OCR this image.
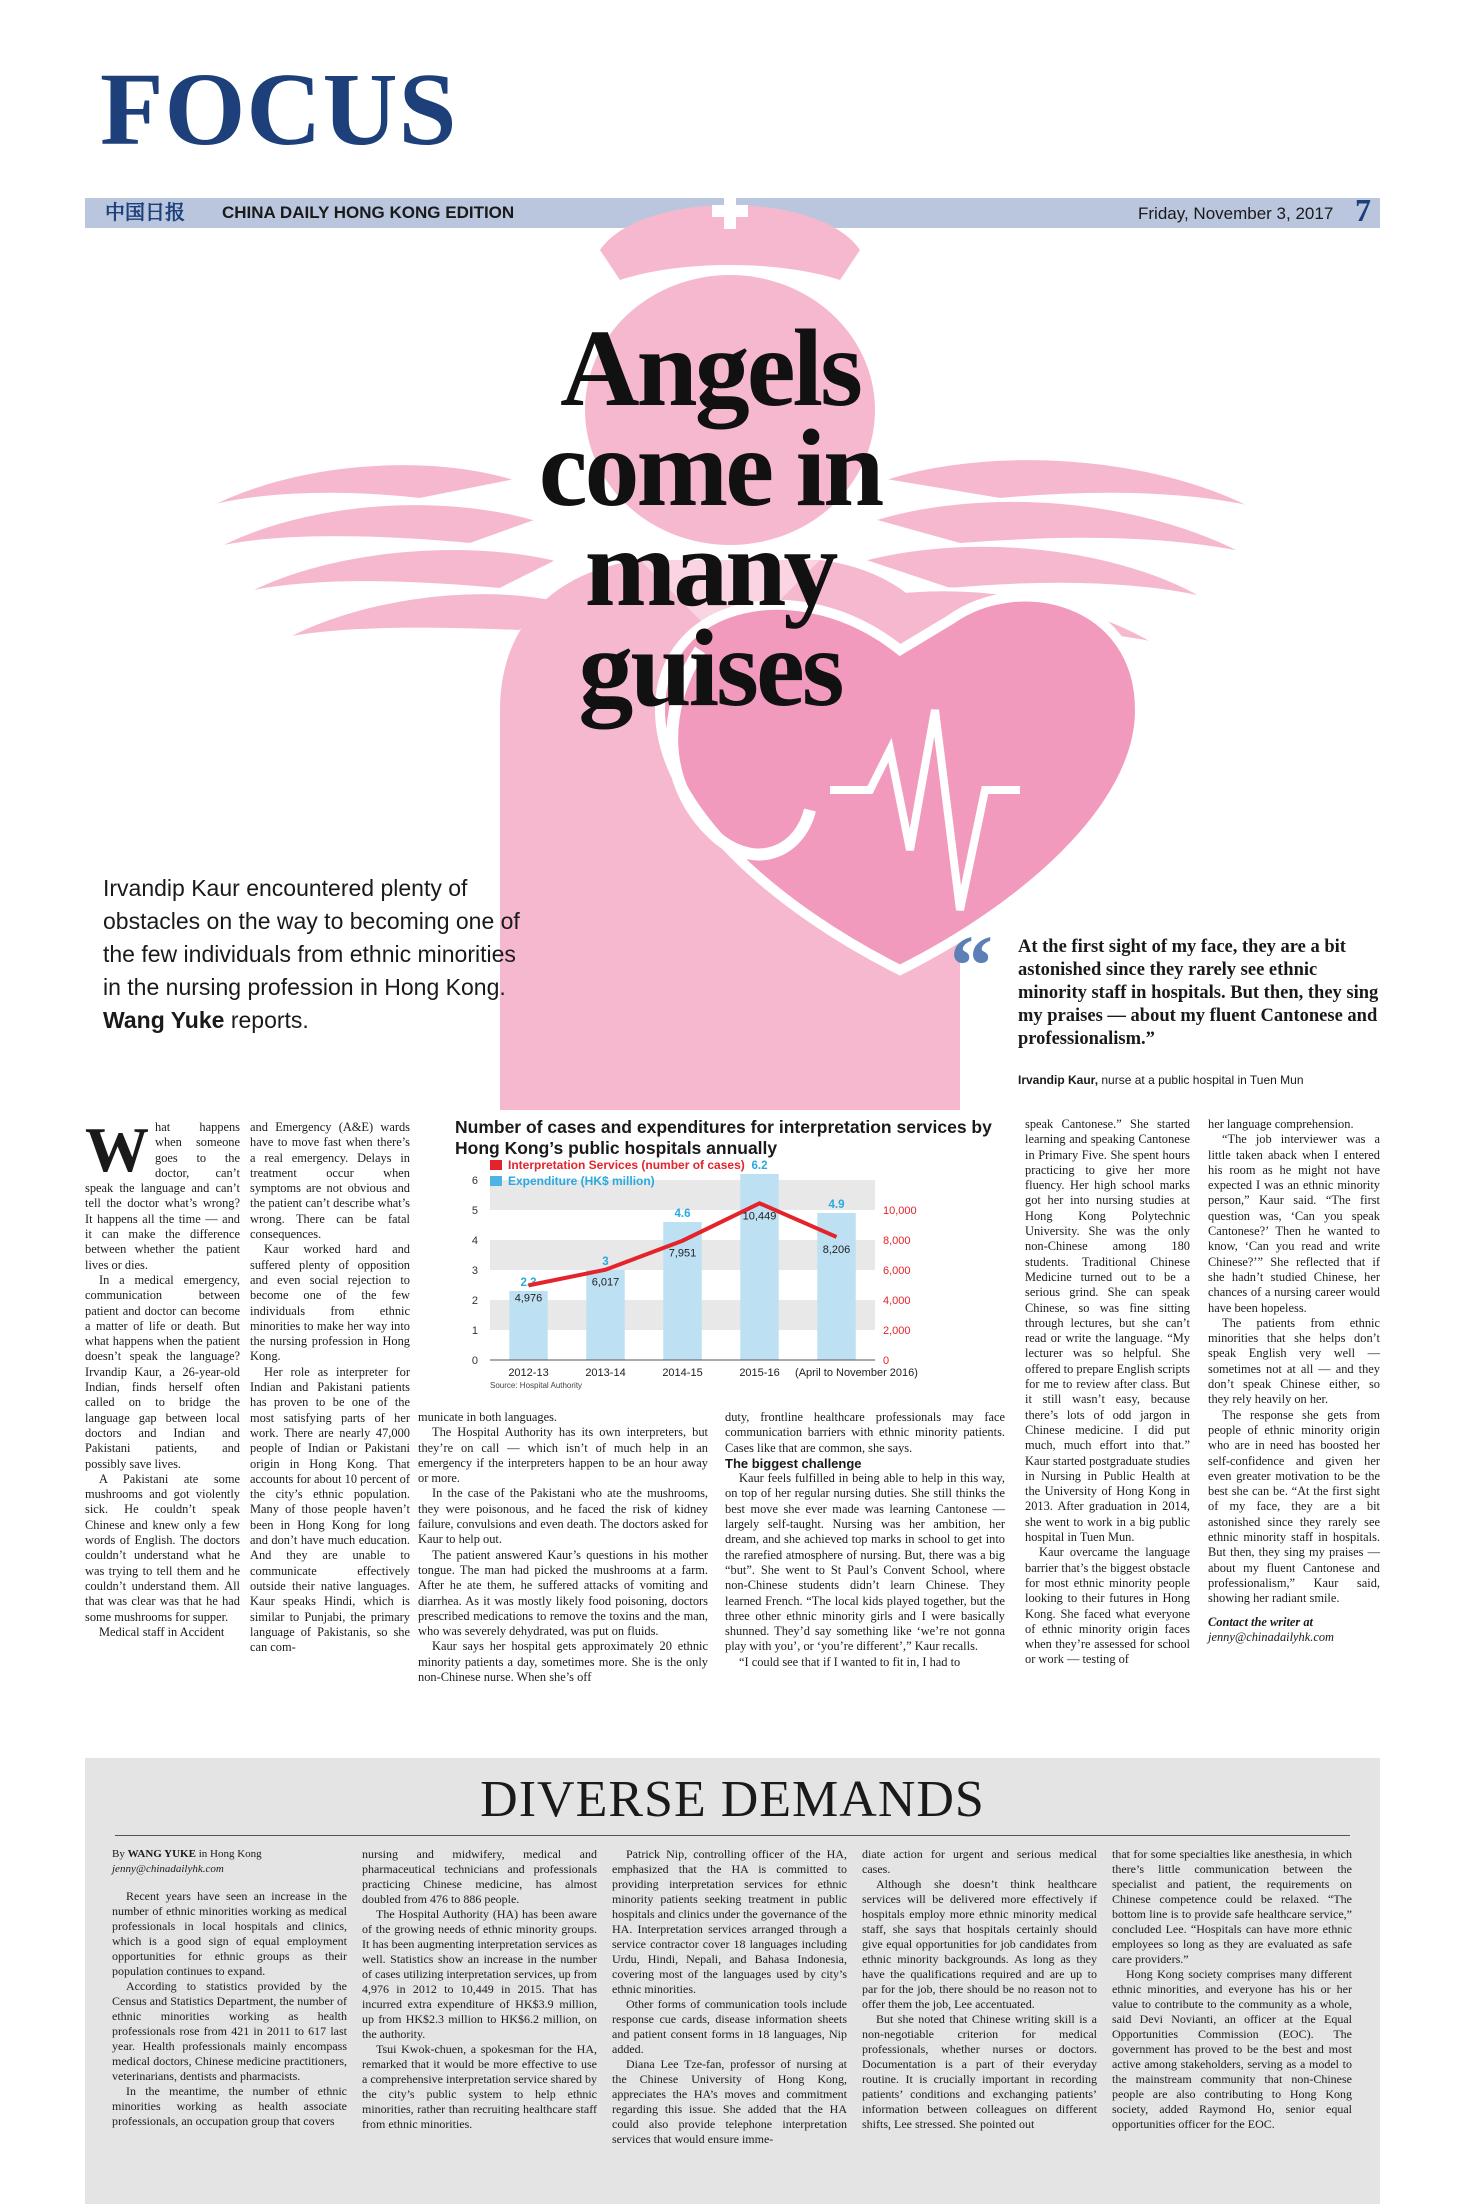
FOCUS
中国日报 CHINA DAILY HONG KONG EDITION	Friday, November 3, 2017 7
Angels
come in
many
guises
Irvandip Kaur encountered plenty of obstacles on the way to becoming one of the few individuals from ethnic minorities in the nursing profession in Hong Kong. Wang Yuke reports.
“ At the first sight of my face, they are a bit astonished since they rarely see ethnic minority staff in hospitals. But then, they sing my praises — about my fluent Cantonese and professionalism.”
Irvandip Kaur, nurse at a public hospital in Tuen Mun

What happens when someone goes to the doctor, can’t speak the language and can’t tell the doctor what’s wrong? It happens all the time — and it can make the difference between whether the patient lives or dies.

In a medical emergency, communication between patient and doctor can become a matter of life or death. But what happens when the patient doesn’t speak the language? Irvandip Kaur, a 26-year-old Indian, finds herself often called on to bridge the language gap between local doctors and Indian and Pakistani patients, and possibly save lives.

A Pakistani ate some mushrooms and got violently sick. He couldn’t speak Chinese and knew only a few words of English. The doctors couldn’t understand what he was trying to tell them and he couldn’t understand them. All that was clear was that he had some mushrooms for supper.

Medical staff in Accident

and Emergency (A&E) wards have to move fast when there’s a real emergency. Delays in treatment occur when symptoms are not obvious and the patient can’t describe what’s wrong. There can be fatal consequences.

Kaur worked hard and suffered plenty of opposition and even social rejection to become one of the few individuals from ethnic minorities to make her way into the nursing profession in Hong Kong.

Her role as interpreter for Indian and Pakistani patients has proven to be one of the most satisfying parts of her work. There are nearly 47,000 people of Indian or Pakistani origin in Hong Kong. That accounts for about 10 percent of the city’s ethnic population. Many of those people haven’t been in Hong Kong for long and don’t have much education. And they are unable to communicate effectively outside their native languages. Kaur speaks Hindi, which is similar to Punjabi, the primary language of Pakistanis, so she can com-

Number of cases and expenditures for interpretation services by Hong Kong’s public hospitals annually
0
1
2
3
4
5
6
0
2,000
4,000
6,000
8,000
10,000
2.3
2012-13
3
2013-14
4.6
2014-15
6.2
2015-16
4.9
(April to November 2016)
4,976
6,017
7,951
10,449
8,206
Interpretation Services (number of cases)
Expenditure (HK$ million)
Source: Hospital Authority

municate in both languages.

The Hospital Authority has its own interpreters, but they’re on call — which isn’t of much help in an emergency if the interpreters happen to be an hour away or more.

In the case of the Pakistani who ate the mushrooms, they were poisonous, and he faced the risk of kidney failure, convulsions and even death. The doctors asked for Kaur to help out.

The patient answered Kaur’s questions in his mother tongue. The man had picked the mushrooms at a farm. After he ate them, he suffered attacks of vomiting and diarrhea. As it was mostly likely food poisoning, doctors prescribed medications to remove the toxins and the man, who was severely dehydrated, was put on fluids.

Kaur says her hospital gets approximately 20 ethnic minority patients a day, sometimes more. She is the only non-Chinese nurse. When she’s off

duty, frontline healthcare professionals may face communication barriers with ethnic minority patients. Cases like that are common, she says.

The biggest challenge

Kaur feels fulfilled in being able to help in this way, on top of her regular nursing duties. She still thinks the best move she ever made was learning Cantonese — largely self-taught. Nursing was her ambition, her dream, and she achieved top marks in school to get into the rarefied atmosphere of nursing. But, there was a big “but”. She went to St Paul’s Convent School, where non-Chinese students didn’t learn Chinese. They learned French. “The local kids played together, but the three other ethnic minority girls and I were basically shunned. They’d say something like ‘we’re not gonna play with you’, or ‘you’re different’,” Kaur recalls.

“I could see that if I wanted to fit in, I had to

speak Cantonese.” She started learning and speaking Cantonese in Primary Five. She spent hours practicing to give her more fluency. Her high school marks got her into nursing studies at Hong Kong Polytechnic University. She was the only non-Chinese among 180 students. Traditional Chinese Medicine turned out to be a serious grind. She can speak Chinese, so was fine sitting through lectures, but she can’t read or write the language. “My lecturer was so helpful. She offered to prepare English scripts for me to review after class. But it still wasn’t easy, because there’s lots of odd jargon in Chinese medicine. I did put much, much effort into that.” Kaur started postgraduate studies in Nursing in Public Health at the University of Hong Kong in 2013. After graduation in 2014, she went to work in a big public hospital in Tuen Mun.

Kaur overcame the language barrier that’s the biggest obstacle for most ethnic minority people looking to their futures in Hong Kong. She faced what everyone of ethnic minority origin faces when they’re assessed for school or work — testing of

her language comprehension.

“The job interviewer was a little taken aback when I entered his room as he might not have expected I was an ethnic minority person,” Kaur said. “The first question was, ‘Can you speak Cantonese?’ Then he wanted to know, ‘Can you read and write Chinese?’” She reflected that if she hadn’t studied Chinese, her chances of a nursing career would have been hopeless.

The patients from ethnic minorities that she helps don’t speak English very well — sometimes not at all — and they don’t speak Chinese either, so they rely heavily on her.

The response she gets from people of ethnic minority origin who are in need has boosted her self-confidence and given her even greater motivation to be the best she can be. “At the first sight of my face, they are a bit astonished since they rarely see ethnic minority staff in hospitals. But then, they sing my praises — about my fluent Cantonese and professionalism,” Kaur said, showing her radiant smile.

Contact the writer at

jenny@chinadailyhk.com

DIVERSE DEMANDS

By WANG YUKE in Hong Kong

jenny@chinadailyhk.com

Recent years have seen an increase in the number of ethnic minorities working as medical professionals in local hospitals and clinics, which is a good sign of equal employment opportunities for ethnic groups as their population continues to expand.

According to statistics provided by the Census and Statistics Department, the number of ethnic minorities working as health professionals rose from 421 in 2011 to 617 last year. Health professionals mainly encompass medical doctors, Chinese medicine practitioners, veterinarians, dentists and pharmacists.

In the meantime, the number of ethnic minorities working as health associate professionals, an occupation group that covers

nursing and midwifery, medical and pharmaceutical technicians and professionals practicing Chinese medicine, has almost doubled from 476 to 886 people.

The Hospital Authority (HA) has been aware of the growing needs of ethnic minority groups. It has been augmenting interpretation services as well. Statistics show an increase in the number of cases utilizing interpretation services, up from 4,976 in 2012 to 10,449 in 2015. That has incurred extra expenditure of HK$3.9 million, up from HK$2.3 million to HK$6.2 million, on the authority.

Tsui Kwok-chuen, a spokesman for the HA, remarked that it would be more effective to use a comprehensive interpretation service shared by the city’s public system to help ethnic minorities, rather than recruiting healthcare staff from ethnic minorities.

Patrick Nip, controlling officer of the HA, emphasized that the HA is committed to providing interpretation services for ethnic minority patients seeking treatment in public hospitals and clinics under the governance of the HA. Interpretation services arranged through a service contractor cover 18 languages including Urdu, Hindi, Nepali, and Bahasa Indonesia, covering most of the languages used by city’s ethnic minorities.

Other forms of communication tools include response cue cards, disease information sheets and patient consent forms in 18 languages, Nip added.

Diana Lee Tze-fan, professor of nursing at the Chinese University of Hong Kong, appreciates the HA’s moves and commitment regarding this issue. She added that the HA could also provide telephone interpretation services that would ensure imme-

diate action for urgent and serious medical cases.

Although she doesn’t think healthcare services will be delivered more effectively if hospitals employ more ethnic minority medical staff, she says that hospitals certainly should give equal opportunities for job candidates from ethnic minority backgrounds. As long as they have the qualifications required and are up to par for the job, there should be no reason not to offer them the job, Lee accentuated.

But she noted that Chinese writing skill is a non-negotiable criterion for medical professionals, whether nurses or doctors. Documentation is a part of their everyday routine. It is crucially important in recording patients’ conditions and exchanging patients’ information between colleagues on different shifts, Lee stressed. She pointed out

that for some specialties like anesthesia, in which there’s little communication between the specialist and patient, the requirements on Chinese competence could be relaxed. “The bottom line is to provide safe healthcare service,” concluded Lee. “Hospitals can have more ethnic employees so long as they are evaluated as safe care providers.”

Hong Kong society comprises many different ethnic minorities, and everyone has his or her value to contribute to the community as a whole, said Devi Novianti, an officer at the Equal Opportunities Commission (EOC). The government has proved to be the best and most active among stakeholders, serving as a model to the mainstream community that non-Chinese people are also contributing to Hong Kong society, added Raymond Ho, senior equal opportunities officer for the EOC.
